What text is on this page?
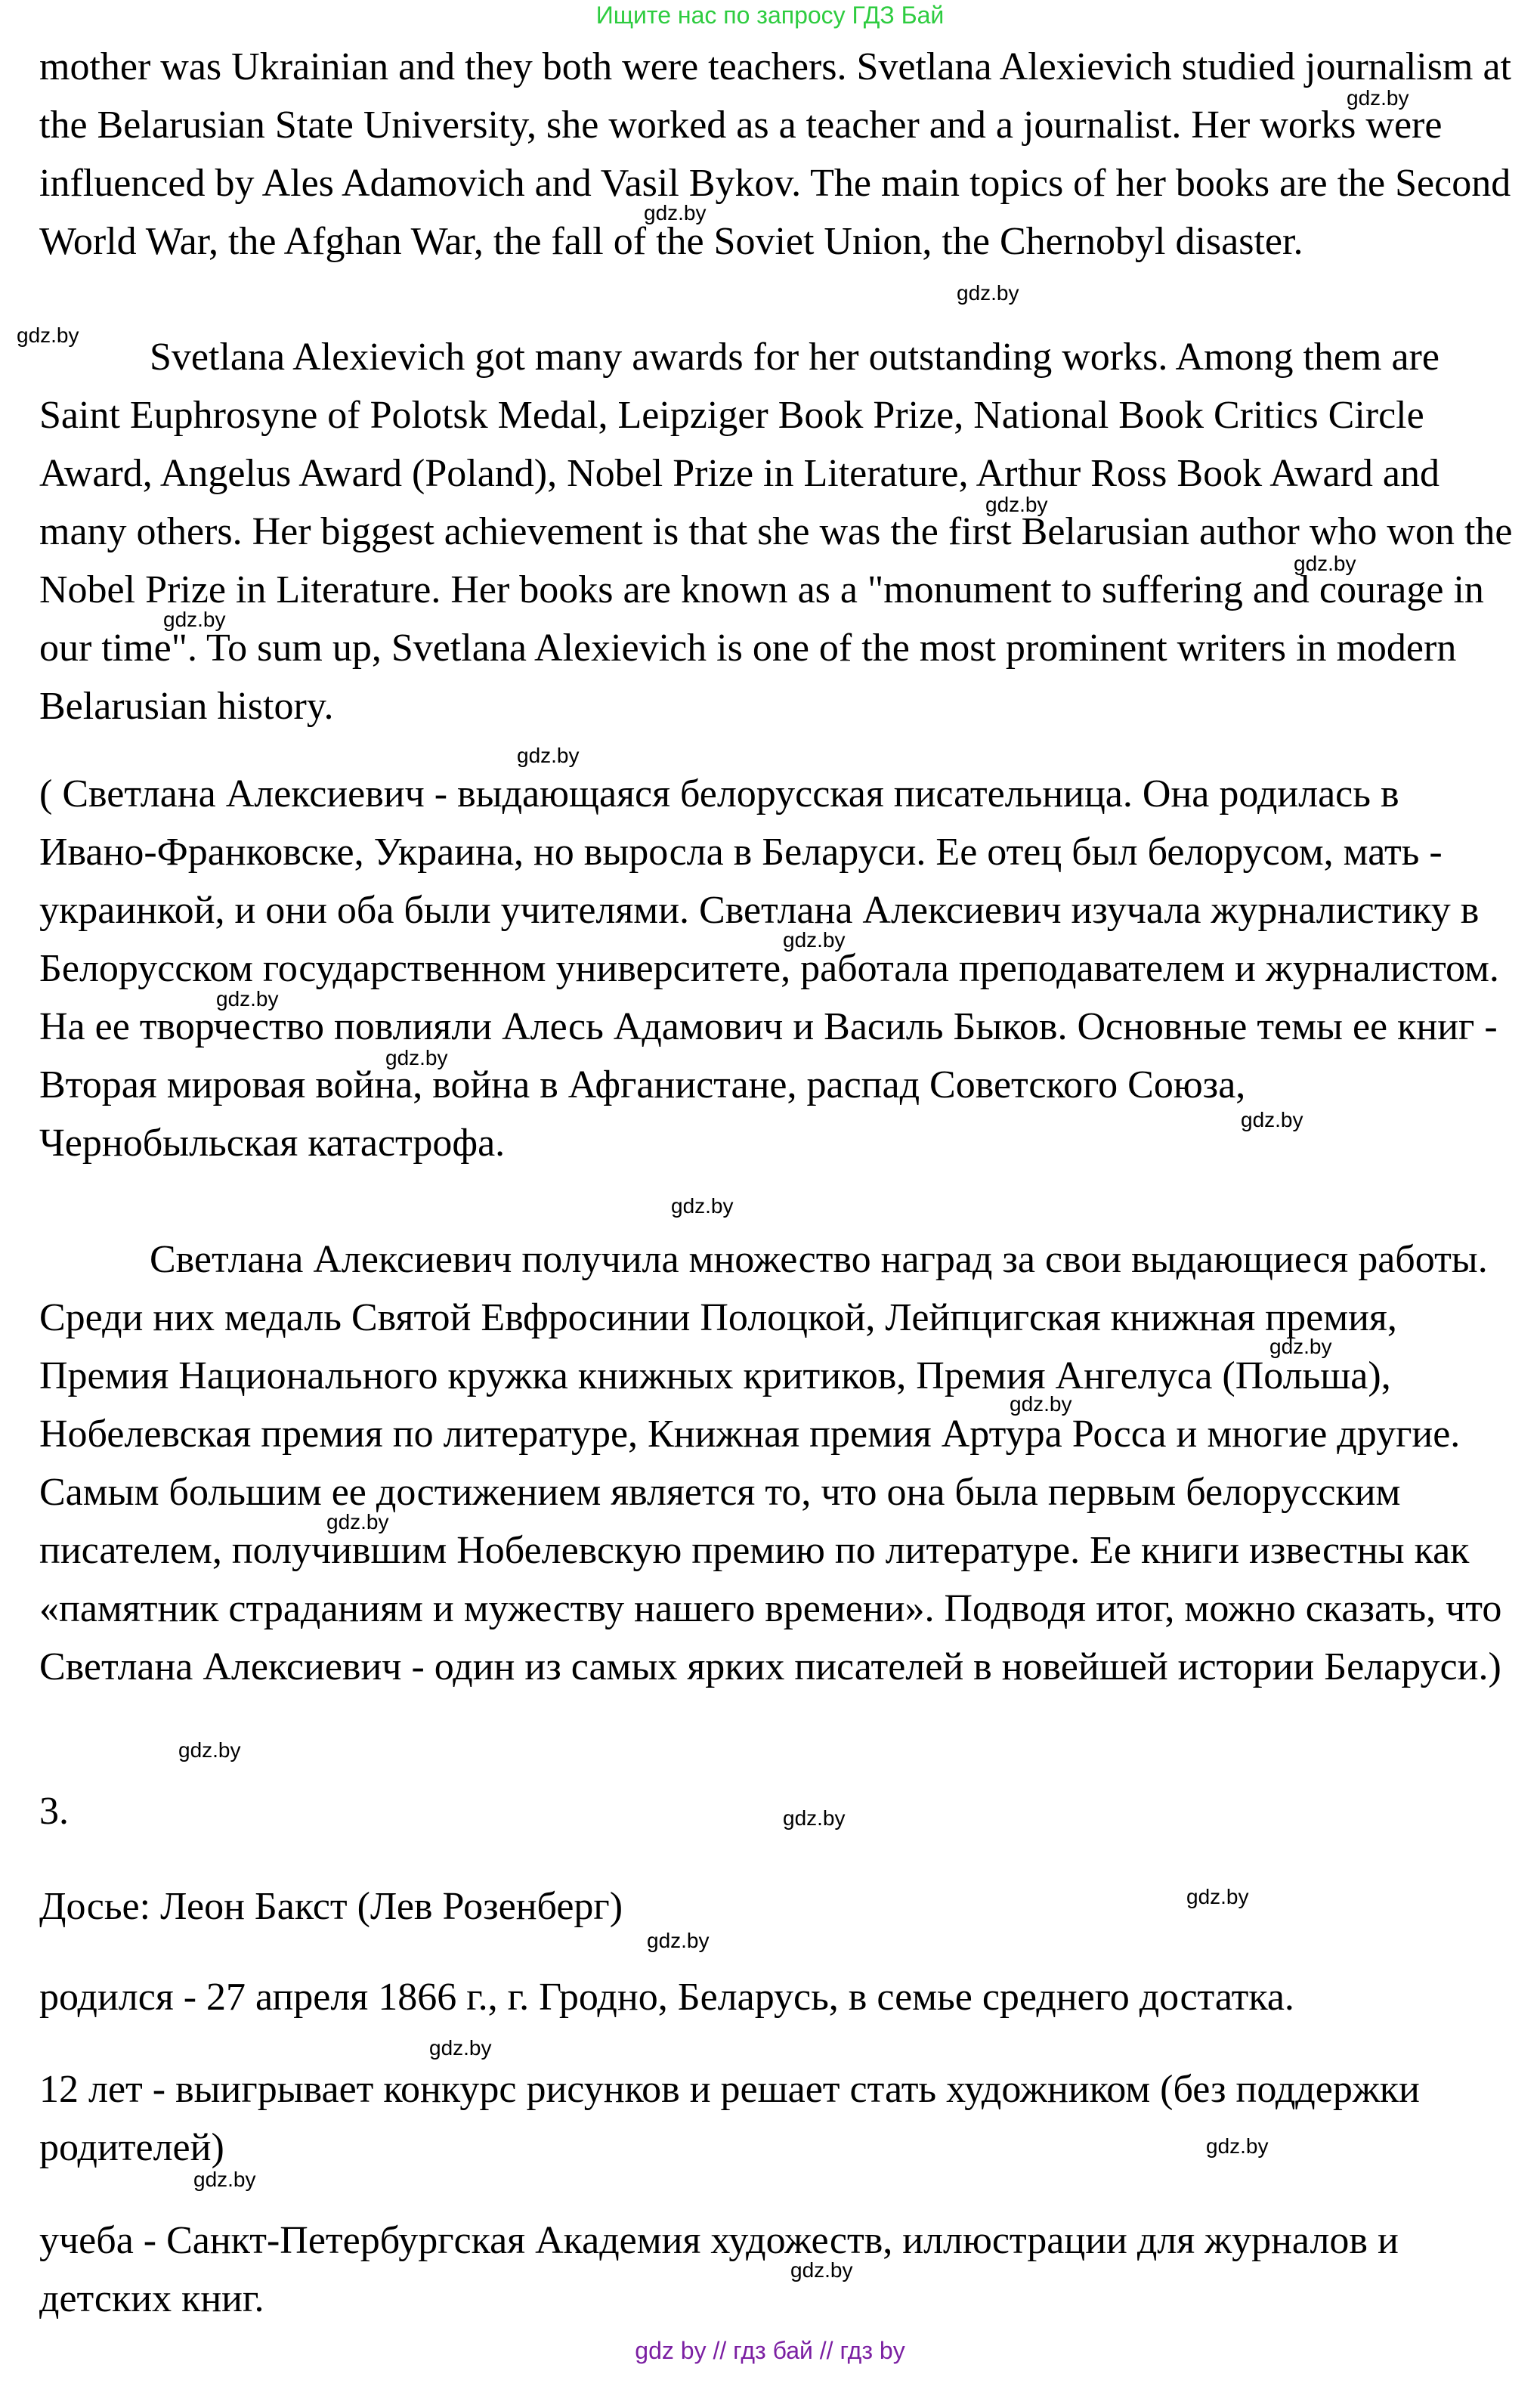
Ищите нас по запросу ГДЗ Бай

mother was Ukrainian and they both were teachers. Svetlana Alexievich studied journalism at the Belarusian State University, she worked as a teacher and a journalist. Her works were influenced by Ales Adamovich and Vasil Bykov. The main topics of her books are the Second World War, the Afghan War, the fall of the Soviet Union, the Chernobyl disaster.

Svetlana Alexievich got many awards for her outstanding works. Among them are Saint Euphrosyne of Polotsk Medal, Leipziger Book Prize, National Book Critics Circle Award, Angelus Award (Poland), Nobel Prize in Literature, Arthur Ross Book Award and many others. Her biggest achievement is that she was the first Belarusian author who won the Nobel Prize in Literature. Her books are known as a "monument to suffering and courage in our time". To sum up, Svetlana Alexievich is one of the most prominent writers in modern Belarusian history.

( Светлана Алексиевич - выдающаяся белорусская писательница. Она родилась в Ивано-Франковске, Украина, но выросла в Беларуси. Ее отец был белорусом, мать - украинкой, и они оба были учителями. Светлана Алексиевич изучала журналистику в Белорусском государственном университете, работала преподавателем и журналистом. На ее творчество повлияли Алесь Адамович и Василь Быков. Основные темы ее книг - Вторая мировая война, война в Афганистане, распад Советского Союза, Чернобыльская катастрофа.

Светлана Алексиевич получила множество наград за свои выдающиеся работы. Среди них медаль Святой Евфросинии Полоцкой, Лейпцигская книжная премия, Премия Национального кружка книжных критиков, Премия Ангелуса (Польша), Нобелевская премия по литературе, Книжная премия Артура Росса и многие другие. Самым большим ее достижением является то, что она была первым белорусским писателем, получившим Нобелевскую премию по литературе. Ее книги известны как «памятник страданиям и мужеству нашего времени». Подводя итог, можно сказать, что Светлана Алексиевич - один из самых ярких писателей в новейшей истории Беларуси.)

3.

Досье: Леон Бакст (Лев Розенберг)

родился - 27 апреля 1866 г., г. Гродно, Беларусь, в семье среднего достатка.

12 лет - выигрывает конкурс рисунков и решает стать художником (без поддержки родителей)

учеба - Санкт-Петербургская Академия художеств, иллюстрации для журналов и детских книг.

gdz.by
gdz.by
gdz.by
gdz.by
gdz.by
gdz.by
gdz.by
gdz.by
gdz.by
gdz.by
gdz.by
gdz.by
gdz.by
gdz.by
gdz.by
gdz.by
gdz.by
gdz.by
gdz.by
gdz.by
gdz.by
gdz.by
gdz.by
gdz.by
gdz by // гдз бай // гдз by
